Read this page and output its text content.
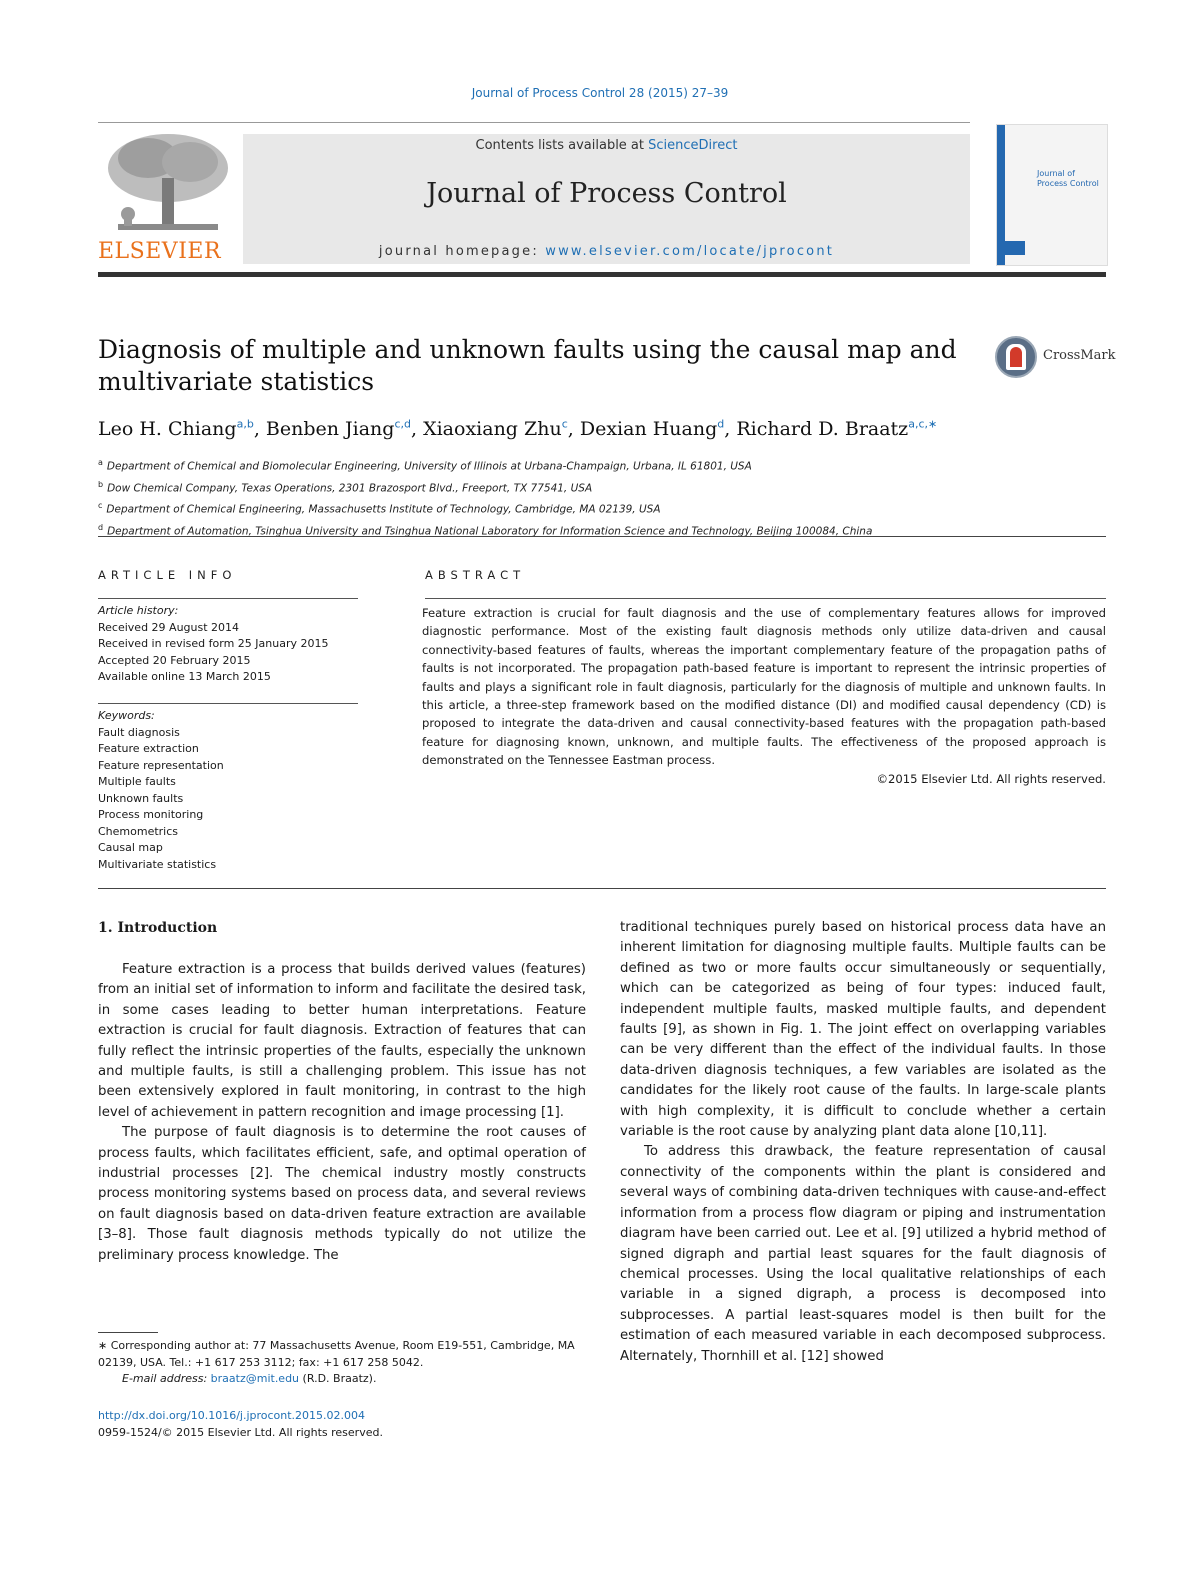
Journal of Process Control 28 (2015) 27–39
ELSEVIER
Contents lists available at ScienceDirect
Journal of Process Control
journal homepage: www.elsevier.com/locate/jprocont
Journal of Process Control
Diagnosis of multiple and unknown faults using the causal map and multivariate statistics
CrossMark
Leo H. Chiang$^{a,b}$, Benben Jiang$^{c,d}$, Xiaoxiang Zhu$^c$, Dexian Huang$^d$, Richard D. Braatz$^{a,c,∗}$
$^a$ Department of Chemical and Biomolecular Engineering, University of Illinois at Urbana-Champaign, Urbana, IL 61801, USA
$^b$ Dow Chemical Company, Texas Operations, 2301 Brazosport Blvd., Freeport, TX 77541, USA
$^c$ Department of Chemical Engineering, Massachusetts Institute of Technology, Cambridge, MA 02139, USA
$^d$ Department of Automation, Tsinghua University and Tsinghua National Laboratory for Information Science and Technology, Beijing 100084, China
ARTICLE INFO	ABSTRACT
Article history:
Received 29 August 2014
Received in revised form 25 January 2015
Accepted 20 February 2015
Available online 13 March 2015
Keywords:
Fault diagnosis
Feature extraction
Feature representation
Multiple faults
Unknown faults
Process monitoring
Chemometrics
Causal map
Multivariate statistics
Feature extraction is crucial for fault diagnosis and the use of complementary features allows for improved diagnostic performance. Most of the existing fault diagnosis methods only utilize data-driven and causal connectivity-based features of faults, whereas the important complementary feature of the propagation paths of faults is not incorporated. The propagation path-based feature is important to represent the intrinsic properties of faults and plays a significant role in fault diagnosis, particularly for the diagnosis of multiple and unknown faults. In this article, a three-step framework based on the modified distance (DI) and modified causal dependency (CD) is proposed to integrate the data-driven and causal connectivity-based features with the propagation path-based feature for diagnosing known, unknown, and multiple faults. The effectiveness of the proposed approach is demonstrated on the Tennessee Eastman process.
©2015 Elsevier Ltd. All rights reserved.
1. Introduction

Feature extraction is a process that builds derived values (features) from an initial set of information to inform and facilitate the desired task, in some cases leading to better human interpretations. Feature extraction is crucial for fault diagnosis. Extraction of features that can fully reflect the intrinsic properties of the faults, especially the unknown and multiple faults, is still a challenging problem. This issue has not been extensively explored in fault monitoring, in contrast to the high level of achievement in pattern recognition and image processing [1].

The purpose of fault diagnosis is to determine the root causes of process faults, which facilitates efficient, safe, and optimal operation of industrial processes [2]. The chemical industry mostly constructs process monitoring systems based on process data, and several reviews on fault diagnosis based on data-driven feature extraction are available [3–8]. Those fault diagnosis methods typically do not utilize the preliminary process knowledge. The

traditional techniques purely based on historical process data have an inherent limitation for diagnosing multiple faults. Multiple faults can be defined as two or more faults occur simultaneously or sequentially, which can be categorized as being of four types: induced fault, independent multiple faults, masked multiple faults, and dependent faults [9], as shown in Fig. 1. The joint effect on overlapping variables can be very different than the effect of the individual faults. In those data-driven diagnosis techniques, a few variables are isolated as the candidates for the likely root cause of the faults. In large-scale plants with high complexity, it is difficult to conclude whether a certain variable is the root cause by analyzing plant data alone [10,11].

To address this drawback, the feature representation of causal connectivity of the components within the plant is considered and several ways of combining data-driven techniques with cause-and-effect information from a process flow diagram or piping and instrumentation diagram have been carried out. Lee et al. [9] utilized a hybrid method of signed digraph and partial least squares for the fault diagnosis of chemical processes. Using the local qualitative relationships of each variable in a signed digraph, a process is decomposed into subprocesses. A partial least-squares model is then built for the estimation of each measured variable in each decomposed subprocess. Alternately, Thornhill et al. [12] showed

∗ Corresponding author at: 77 Massachusetts Avenue, Room E19-551, Cambridge, MA 02139, USA. Tel.: +1 617 253 3112; fax: +1 617 258 5042.
E-mail address: braatz@mit.edu (R.D. Braatz).
http://dx.doi.org/10.1016/j.jprocont.2015.02.004
0959-1524/© 2015 Elsevier Ltd. All rights reserved.
